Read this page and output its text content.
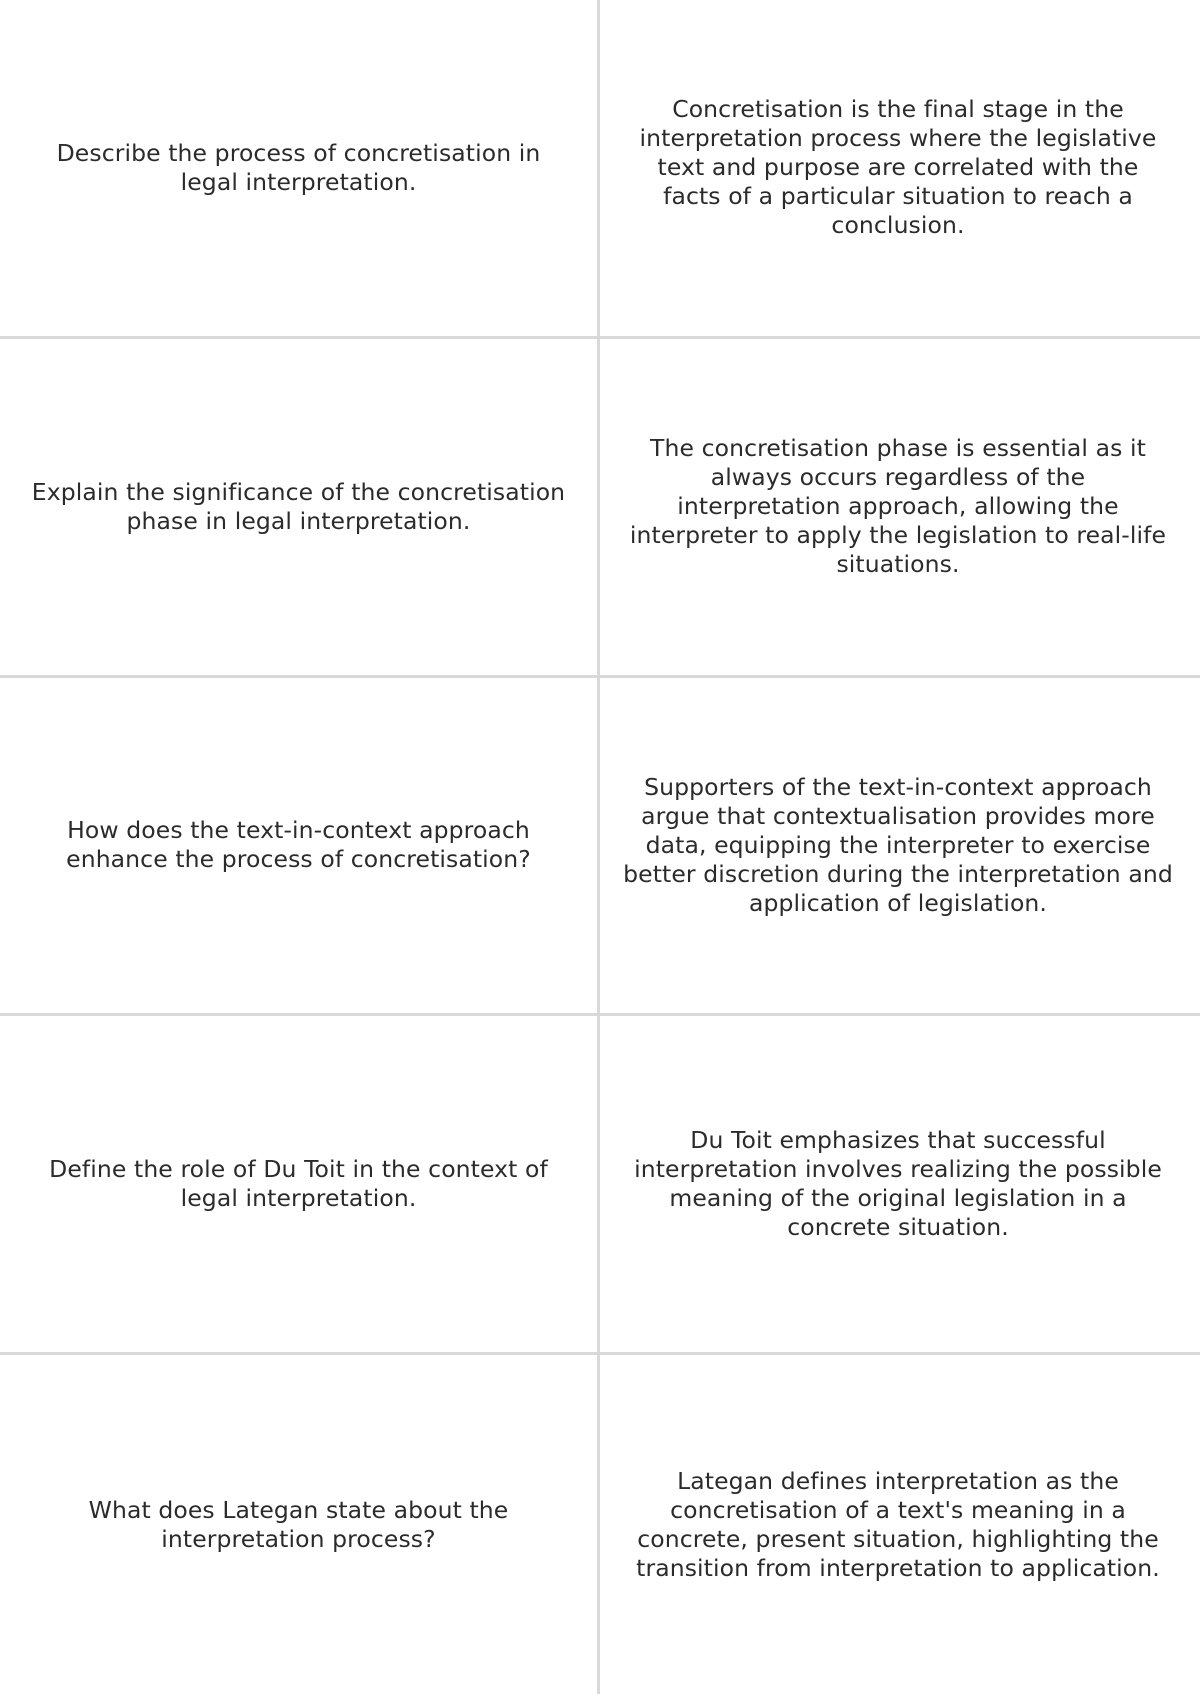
Describe the process of concretisation in legal interpretation.
Concretisation is the final stage in the interpretation process where the legislative text and purpose are correlated with the facts of a particular situation to reach a conclusion.
Explain the significance of the concretisation phase in legal interpretation.
The concretisation phase is essential as it always occurs regardless of the interpretation approach, allowing the interpreter to apply the legislation to real-life situations.
How does the text-in-context approach enhance the process of concretisation?
Supporters of the text-in-context approach argue that contextualisation provides more data, equipping the interpreter to exercise better discretion during the interpretation and application of legislation.
Define the role of Du Toit in the context of legal interpretation.
Du Toit emphasizes that successful interpretation involves realizing the possible meaning of the original legislation in a concrete situation.
What does Lategan state about the interpretation process?
Lategan defines interpretation as the concretisation of a text's meaning in a concrete, present situation, highlighting the transition from interpretation to application.
